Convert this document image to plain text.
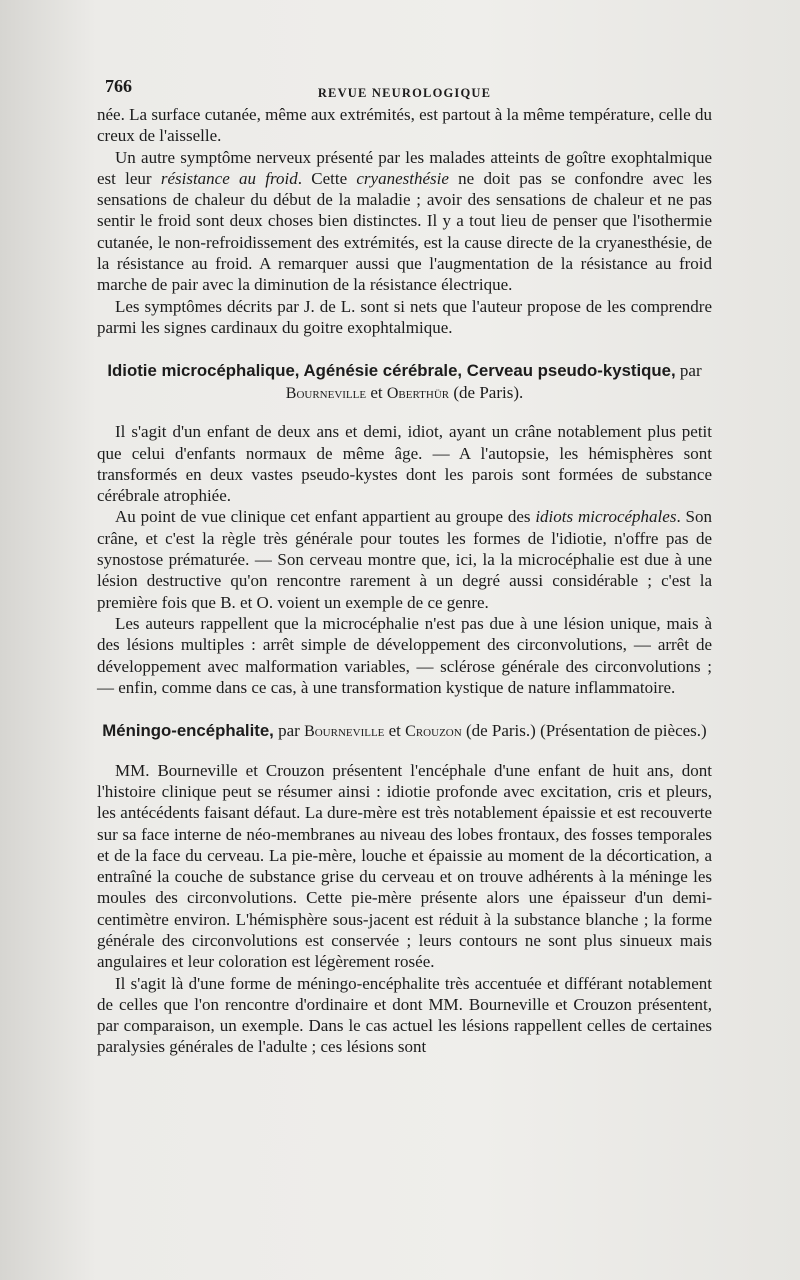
766	REVUE NEUROLOGIQUE

née. La surface cutanée, même aux extrémités, est partout à la même température, celle du creux de l'aisselle.

Un autre symptôme nerveux présenté par les malades atteints de goître exophtalmique est leur résistance au froid. Cette cryanesthésie ne doit pas se confondre avec les sensations de chaleur du début de la maladie ; avoir des sensations de chaleur et ne pas sentir le froid sont deux choses bien distinctes. Il y a tout lieu de penser que l'isothermie cutanée, le non-refroidissement des extrémités, est la cause directe de la cryanesthésie, de la résistance au froid. A remarquer aussi que l'augmentation de la résistance au froid marche de pair avec la diminution de la résistance électrique.

Les symptômes décrits par J. de L. sont si nets que l'auteur propose de les comprendre parmi les signes cardinaux du goitre exophtalmique.

Idiotie microcéphalique, Agénésie cérébrale, Cerveau pseudo-kystique, par Bourneville et Oberthür (de Paris).

Il s'agit d'un enfant de deux ans et demi, idiot, ayant un crâne notablement plus petit que celui d'enfants normaux de même âge. — A l'autopsie, les hémisphères sont transformés en deux vastes pseudo-kystes dont les parois sont formées de substance cérébrale atrophiée.

Au point de vue clinique cet enfant appartient au groupe des idiots microcéphales. Son crâne, et c'est la règle très générale pour toutes les formes de l'idiotie, n'offre pas de synostose prématurée. — Son cerveau montre que, ici, la la microcéphalie est due à une lésion destructive qu'on rencontre rarement à un degré aussi considérable ; c'est la première fois que B. et O. voient un exemple de ce genre.

Les auteurs rappellent que la microcéphalie n'est pas due à une lésion unique, mais à des lésions multiples : arrêt simple de développement des circonvolutions, — arrêt de développement avec malformation variables, — sclérose générale des circonvolutions ; — enfin, comme dans ce cas, à une transformation kystique de nature inflammatoire.

Méningo-encéphalite, par Bourneville et Crouzon (de Paris.) (Présentation de pièces.)

MM. Bourneville et Crouzon présentent l'encéphale d'une enfant de huit ans, dont l'histoire clinique peut se résumer ainsi : idiotie profonde avec excitation, cris et pleurs, les antécédents faisant défaut. La dure-mère est très notablement épaissie et est recouverte sur sa face interne de néo-membranes au niveau des lobes frontaux, des fosses temporales et de la face du cerveau. La pie-mère, louche et épaissie au moment de la décortication, a entraîné la couche de substance grise du cerveau et on trouve adhérents à la méninge les moules des circonvolutions. Cette pie-mère présente alors une épaisseur d'un demi-centimètre environ. L'hémisphère sous-jacent est réduit à la substance blanche ; la forme générale des circonvolutions est conservée ; leurs contours ne sont plus sinueux mais angulaires et leur coloration est légèrement rosée.

Il s'agit là d'une forme de méningo-encéphalite très accentuée et différant notablement de celles que l'on rencontre d'ordinaire et dont MM. Bourneville et Crouzon présentent, par comparaison, un exemple. Dans le cas actuel les lésions rappellent celles de certaines paralysies générales de l'adulte ; ces lésions sont
